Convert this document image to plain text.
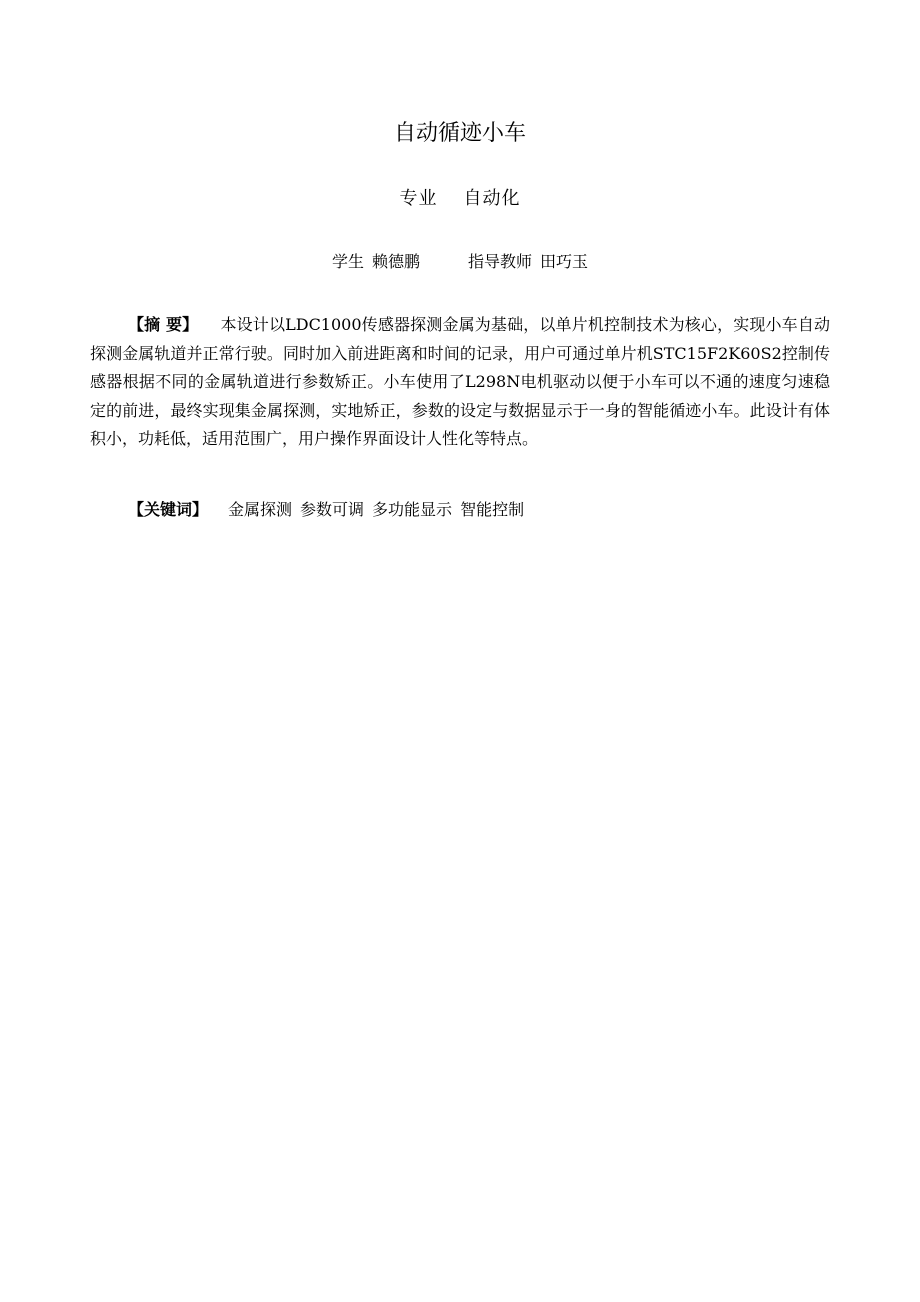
自动循迹小车
专业 自动化
学生 赖德鹏	指导教师 田巧玉

【摘 要】 本设计以LDC1000传感器探测金属为基础，以单片机控制技术为核心，实现小车自动探测金属轨道并正常行驶。同时加入前进距离和时间的记录，用户可通过单片机STC15F2K60S2控制传感器根据不同的金属轨道进行参数矫正。小车使用了L298N电机驱动以便于小车可以不通的速度匀速稳定的前进，最终实现集金属探测，实地矫正，参数的设定与数据显示于一身的智能循迹小车。此设计有体积小，功耗低，适用范围广，用户操作界面设计人性化等特点。

【关键词】 金属探测 参数可调 多功能显示 智能控制
